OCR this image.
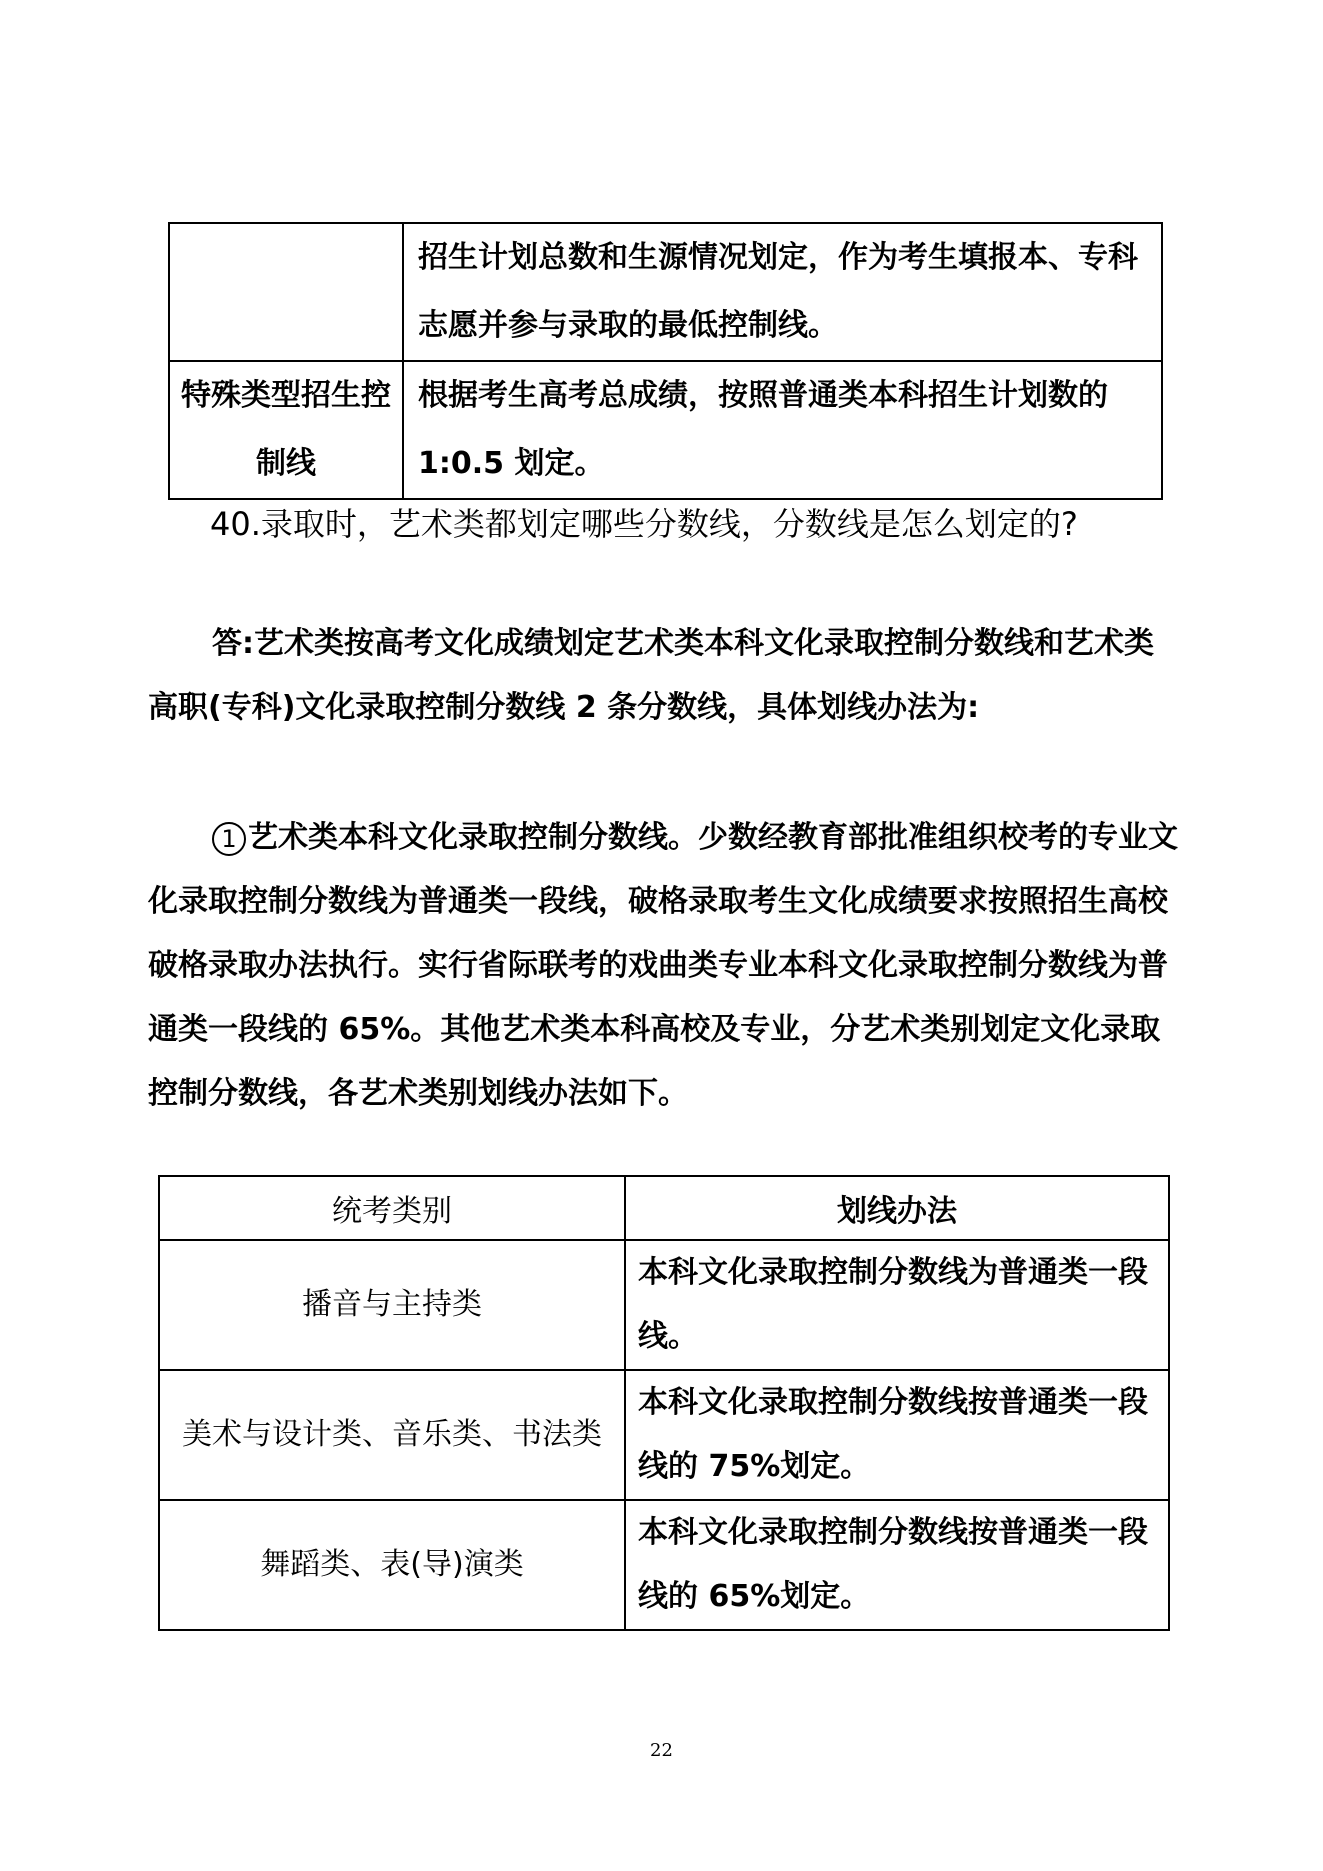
	招生计划总数和生源情况划定，作为考生填报本、专科志愿并参与录取的最低控制线。
特殊类型招生控制线	根据考生高考总成绩，按照普通类本科招生计划数的 1:0.5 划定。
40.录取时，艺术类都划定哪些分数线，分数线是怎么划定的?
答:艺术类按高考文化成绩划定艺术类本科文化录取控制分数线和艺术类高职(专科)文化录取控制分数线 2 条分数线，具体划线办法为:
1 艺术类本科文化录取控制分数线。少数经教育部批准组织校考的专业文化录取控制分数线为普通类一段线，破格录取考生文化成绩要求按照招生高校破格录取办法执行。实行省际联考的戏曲类专业本科文化录取控制分数线为普通类一段线的 65%。其他艺术类本科高校及专业，分艺术类别划定文化录取控制分数线，各艺术类别划线办法如下。
统考类别	划线办法
播音与主持类	本科文化录取控制分数线为普通类一段线。
美术与设计类、音乐类、书法类	本科文化录取控制分数线按普通类一段线的 75%划定。
舞蹈类、表(导)演类	本科文化录取控制分数线按普通类一段线的 65%划定。
22
